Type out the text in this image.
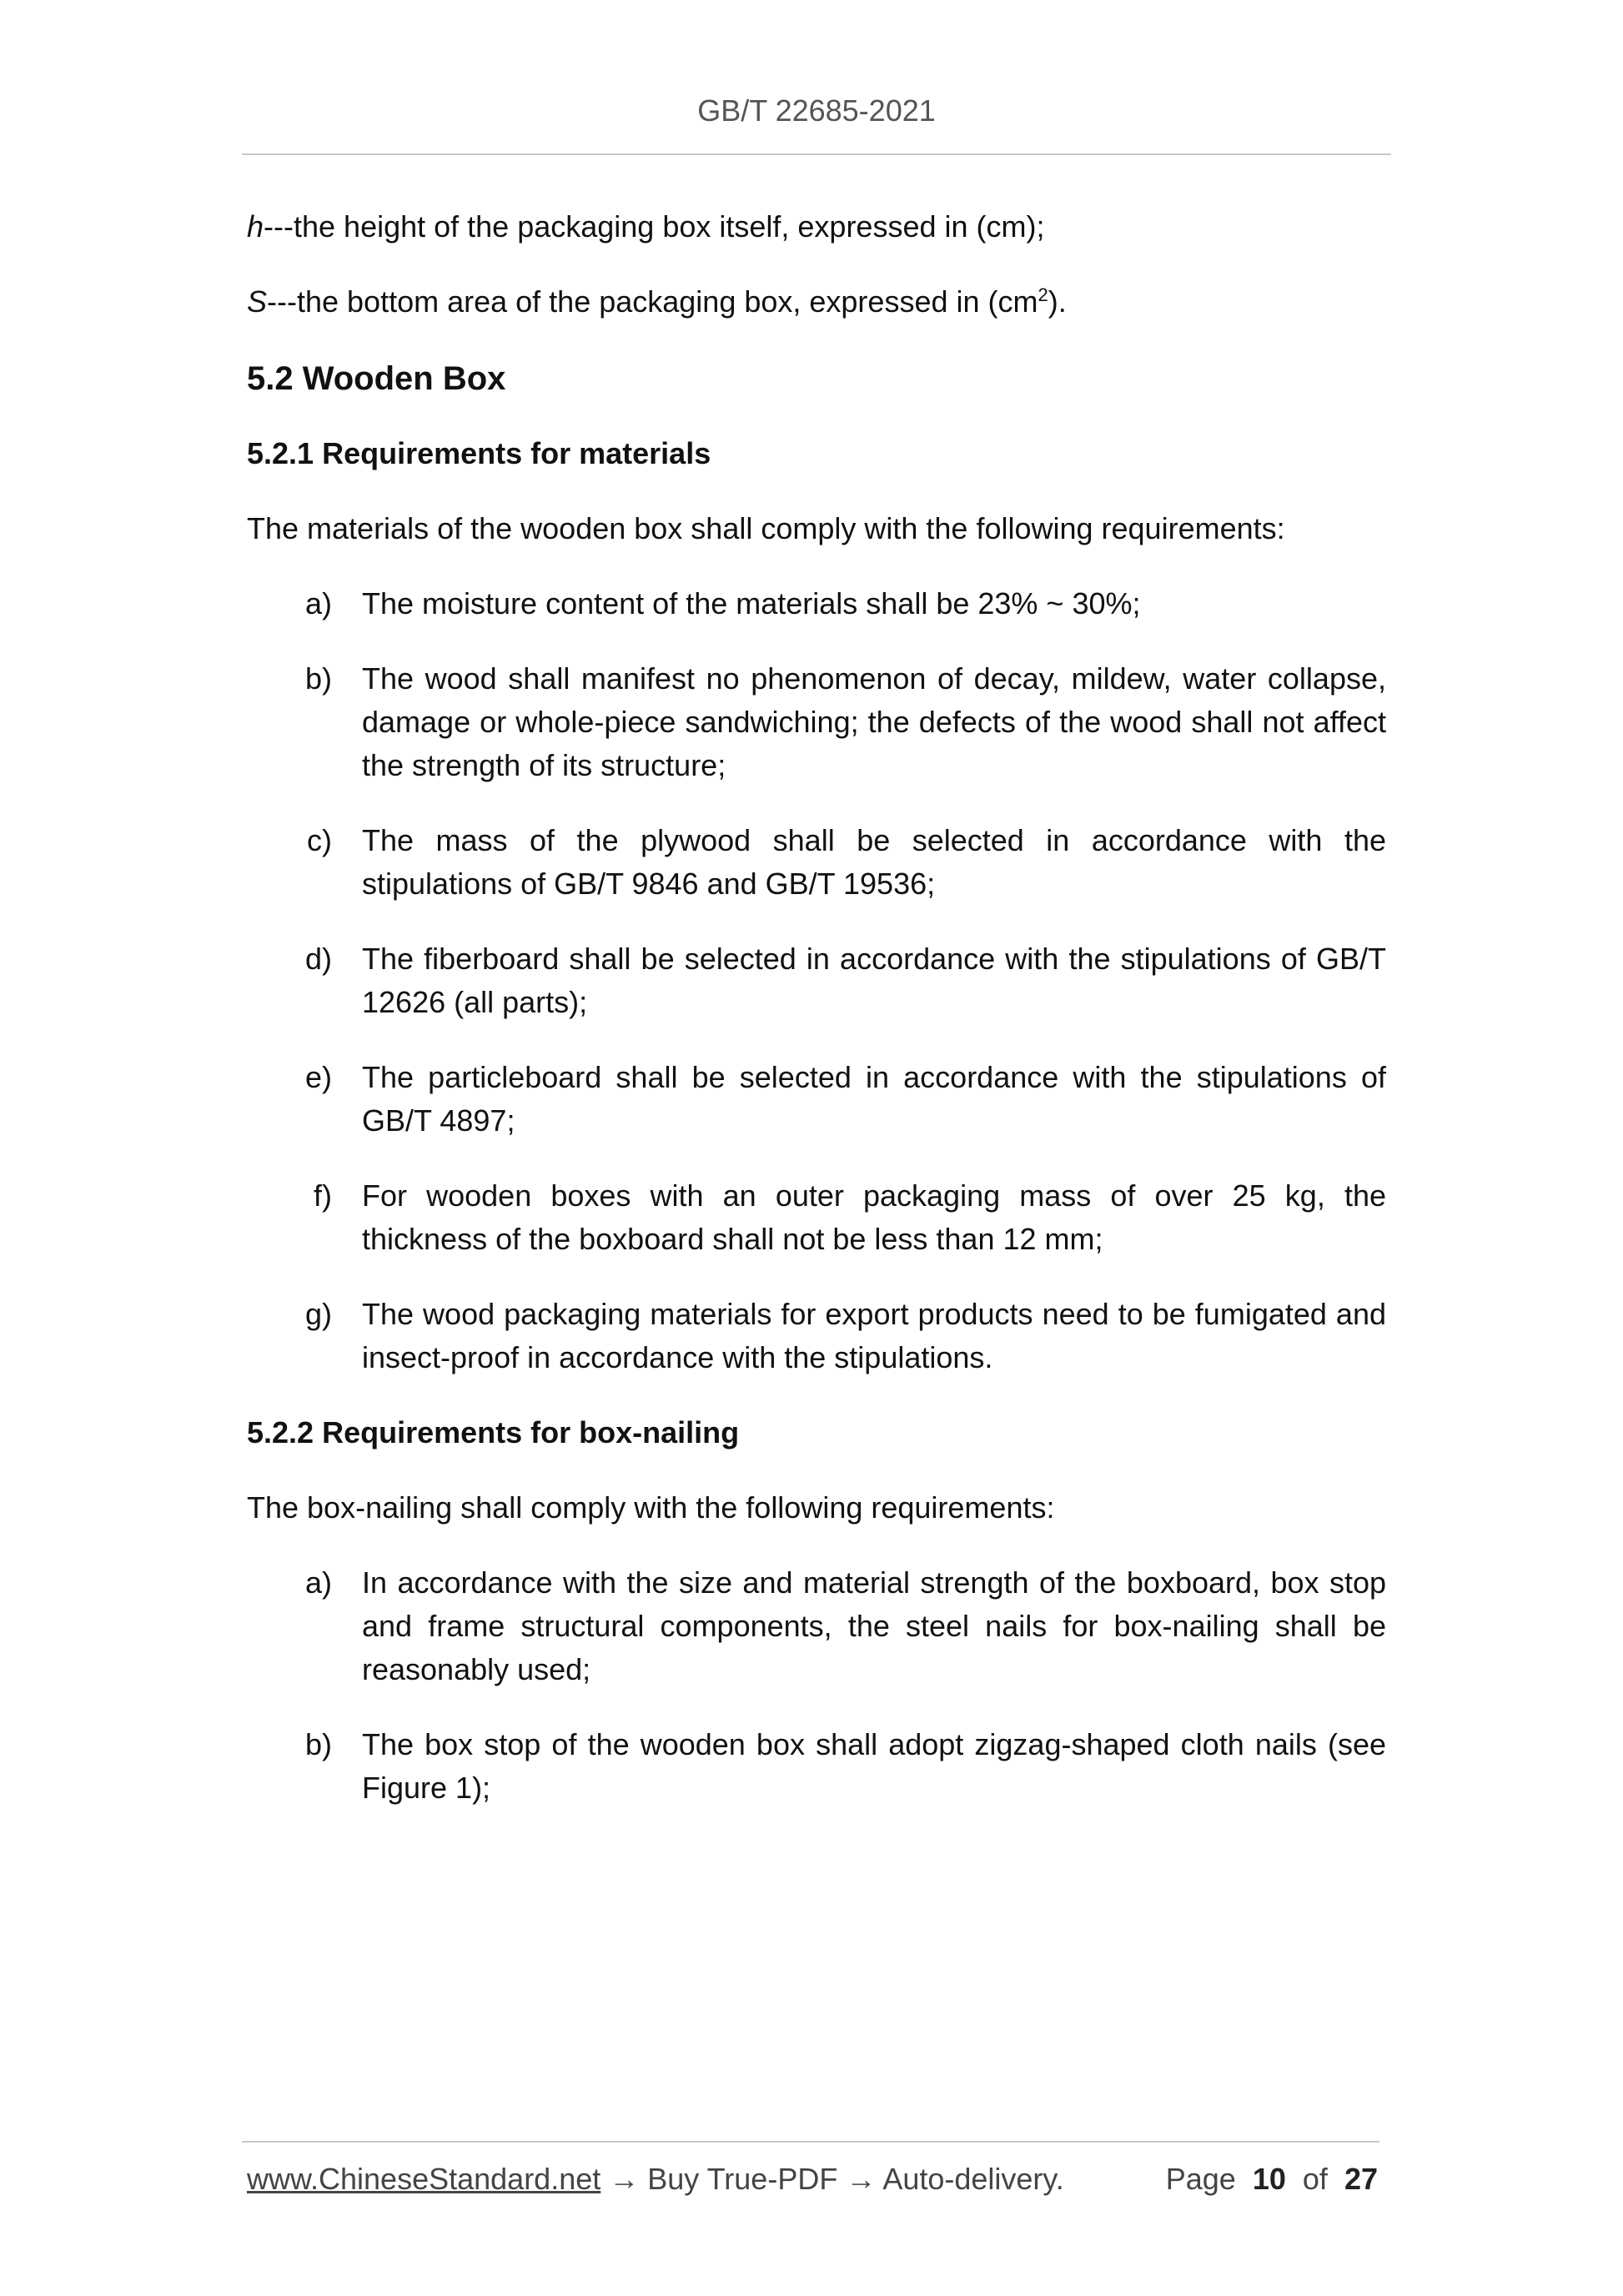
GB/T 22685-2021

h---the height of the packaging box itself, expressed in (cm);

S---the bottom area of the packaging box, expressed in $(cm^2)$.

5.2 Wooden Box
5.2.1 Requirements for materials

The materials of the wooden box shall comply with the following requirements:

a)	The moisture content of the materials shall be 23% ~ 30%;
b)	The wood shall manifest no phenomenon of decay, mildew, water collapse, damage or whole-piece sandwiching; the defects of the wood shall not affect the strength of its structure;
c)	The mass of the plywood shall be selected in accordance with the stipulations of GB/T 9846 and GB/T 19536;
d)	The fiberboard shall be selected in accordance with the stipulations of GB/T 12626 (all parts);
e)	The particleboard shall be selected in accordance with the stipulations of GB/T 4897;
f)	For wooden boxes with an outer packaging mass of over 25 kg, the thickness of the boxboard shall not be less than 12 mm;
g)	The wood packaging materials for export products need to be fumigated and insect-proof in accordance with the stipulations.
5.2.2 Requirements for box-nailing

The box-nailing shall comply with the following requirements:

a)	In accordance with the size and material strength of the boxboard, box stop and frame structural components, the steel nails for box-nailing shall be reasonably used;
b)	The box stop of the wooden box shall adopt zigzag-shaped cloth nails (see Figure 1);
www.ChineseStandard.net → Buy True-PDF → Auto-delivery.	Page 10 of 27
